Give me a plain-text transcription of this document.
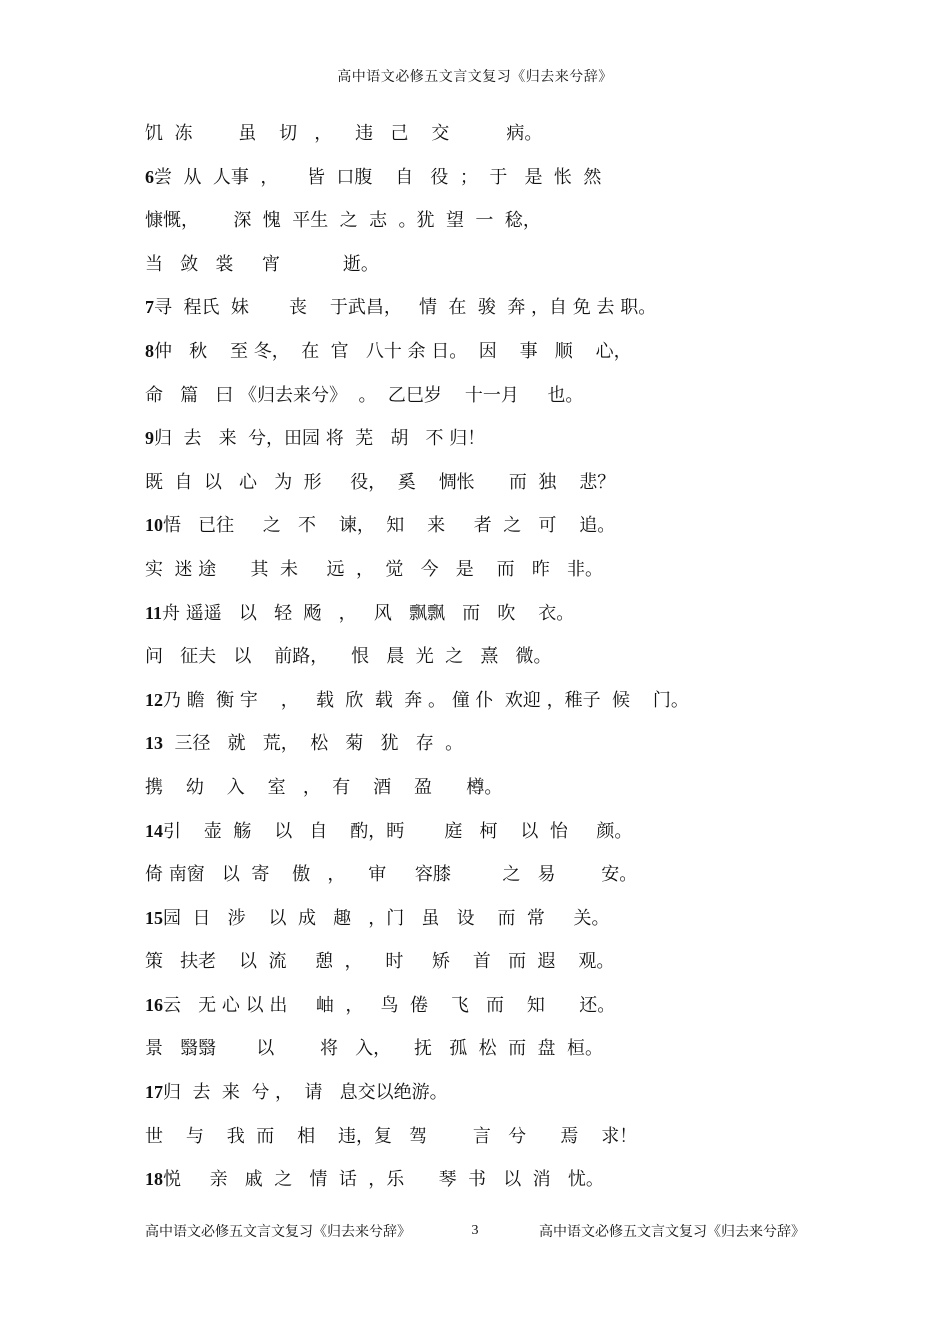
高中语文必修五文言文复习《归去来兮辞》
饥  冻        虽    切   ，    违   己    交          病。
6 尝  从  人事  ，     皆  口腹    自   役  ；  于   是  怅  然
慷慨，      深  愧  平生  之  志  。犹  望  一  稔，
当   敛   裳     宵           逝。
7 寻  程氏  妹       丧    于武昌，   情  在  骏  奔 ，自 免 去 职。
8 仲   秋    至 冬，  在  官   八十 余 日。  因    事   顺    心，
命   篇   曰 《归去来兮》  。  乙巳岁    十一月     也。
9 归  去   来  兮，田园 将  芜   胡   不 归！
既  自  以   心   为  形     役，  奚    惆怅      而  独    悲？
10 悟   已往     之   不    谏，  知    来     者  之   可    追。
实  迷 途      其  未     远  ，  觉   今   是    而   昨   非。
11 舟 遥遥   以   轻  飏   ，   风   飘飘   而   吹    衣。
问   征夫   以    前路，    恨   晨  光  之   熹   微。
12 乃 瞻  衡 宇    ，   载  欣  载  奔 。 僮 仆  欢迎 ，稚子  候    门。
13 三径   就   荒，  松   菊   犹   存  。
携    幼    入    室   ，  有    酒    盈      樽。
14 引    壶  觞    以   自    酌，眄       庭   柯    以  怡     颜。
倚 南窗   以  寄    傲   ，    审     容膝         之   易        安。
15 园  日   涉    以  成   趣   ，门   虽   设    而  常     关。
策   扶老    以  流     憩  ，    时     矫    首   而  遐    观。
16 云   无 心 以 出     岫  ，   鸟  倦    飞   而    知      还。
景   翳翳       以        将   入，    抚   孤  松  而  盘  桓。
17 归  去  来  兮 ，  请   息交以绝游。
世    与    我  而    相    违，复   驾        言   兮      焉    求！
18 悦     亲   戚  之   情  话  ，乐      琴  书   以  消   忧。
高中语文必修五文言文复习《归去来兮辞》	3	高中语文必修五文言文复习《归去来兮辞》
